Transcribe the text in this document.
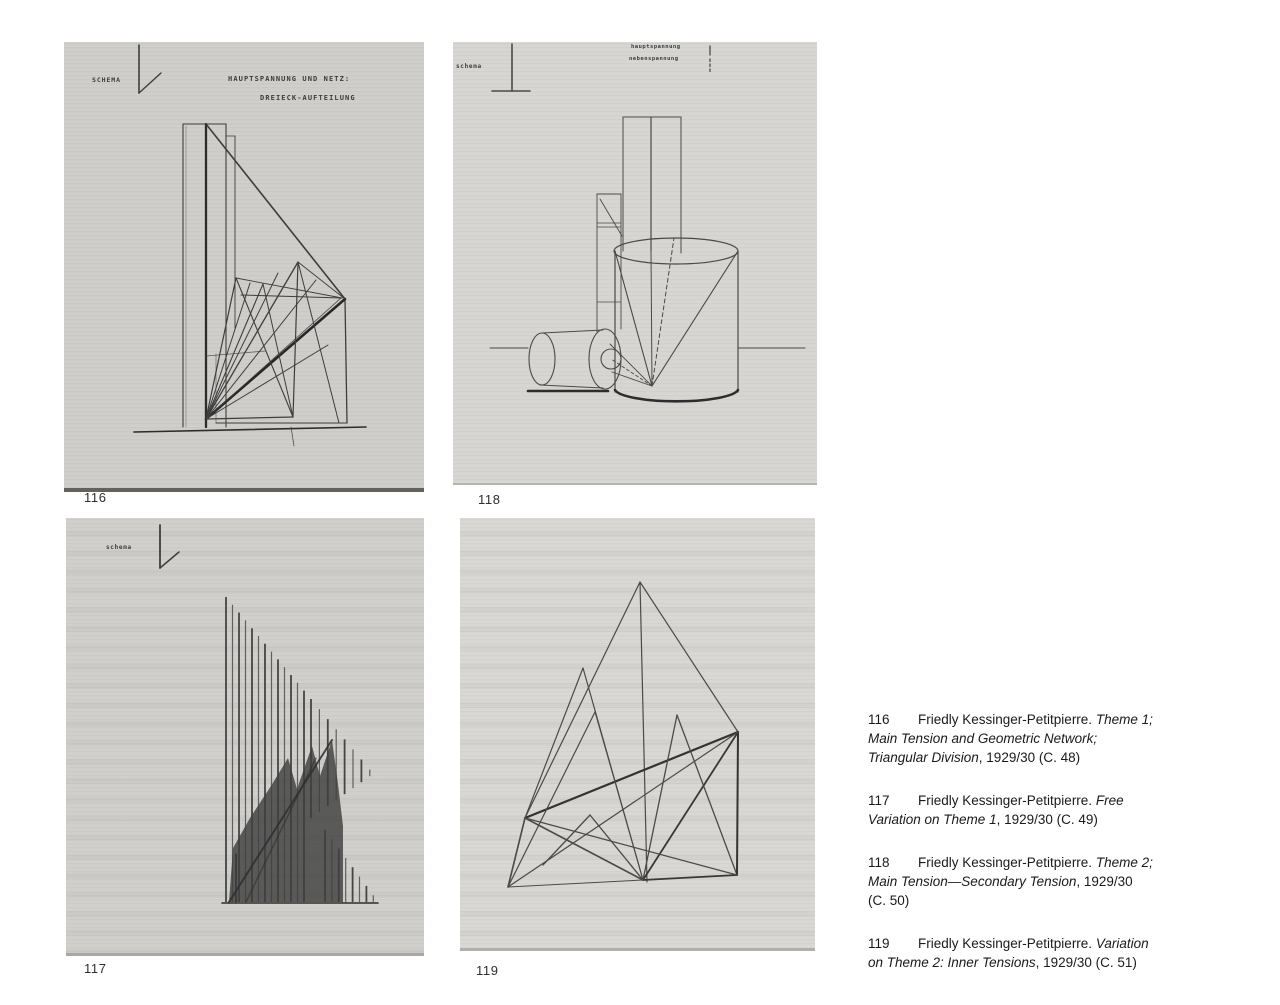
SCHEMA	HAUPTSPANNUNG UND NETZ:
DREIECK-AUFTEILUNG
schema
hauptspannung
nebenspannung
schema
116	118
117	119
116 Friedly Kessinger-Petitpierre. Theme 1;
Main Tension and Geometric Network;
Triangular Division, 1929/30 (C. 48)
117 Friedly Kessinger-Petitpierre. Free
Variation on Theme 1, 1929/30 (C. 49)
118 Friedly Kessinger-Petitpierre. Theme 2;
Main Tension—Secondary Tension, 1929/30
(C. 50)
119 Friedly Kessinger-Petitpierre. Variation
on Theme 2: Inner Tensions, 1929/30 (C. 51)
